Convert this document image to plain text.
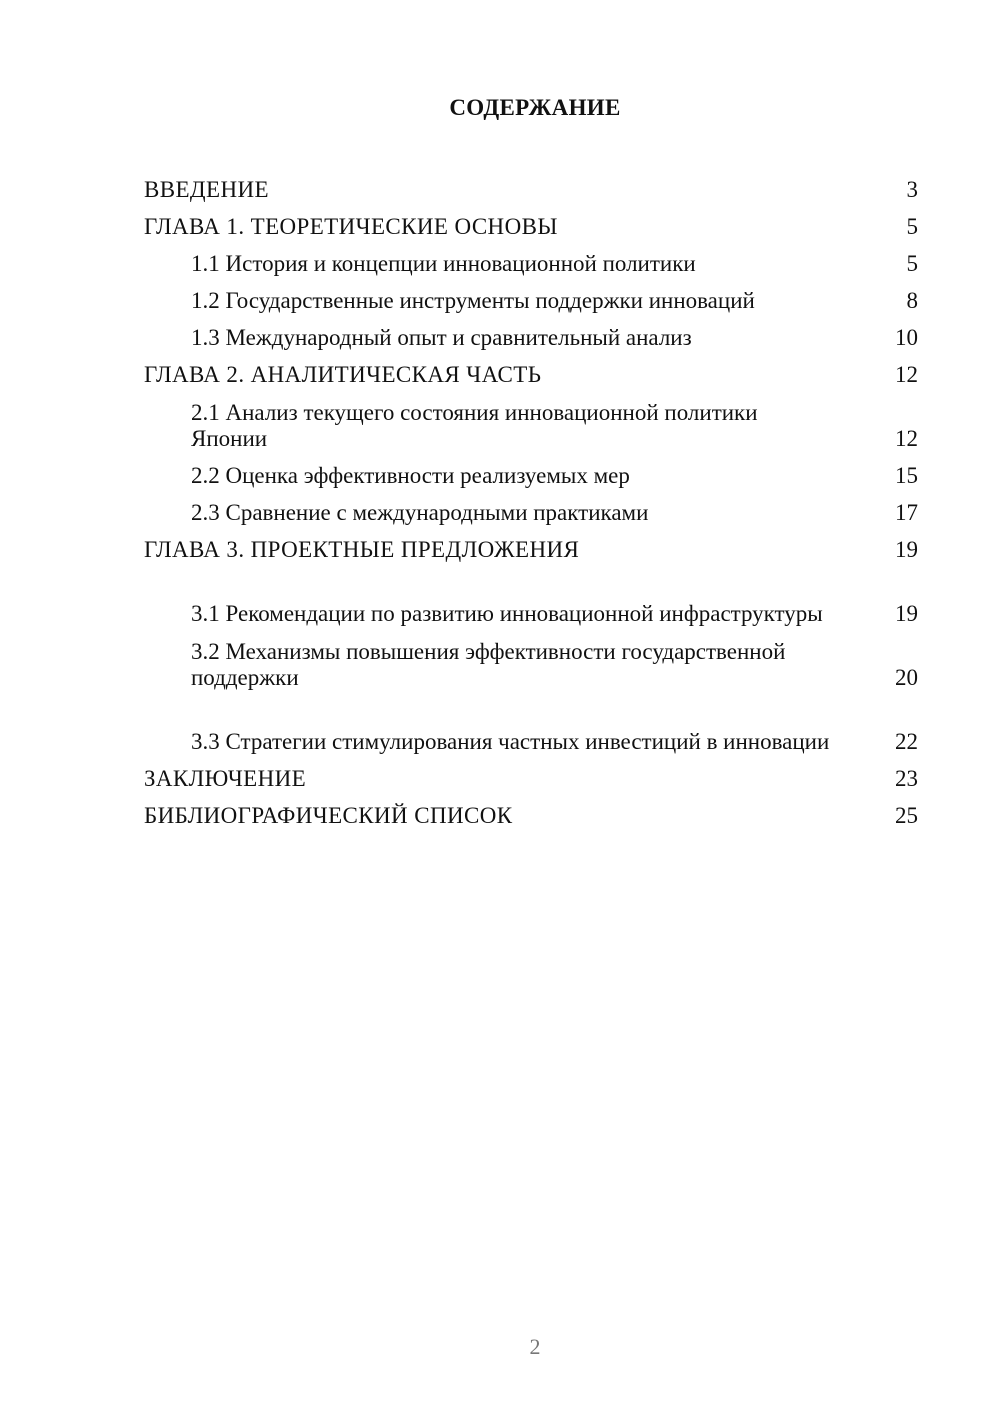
СОДЕРЖАНИЕ
ВВЕДЕНИЕ	3
ГЛАВА 1. ТЕОРЕТИЧЕСКИЕ ОСНОВЫ	5
1.1 История и концепции инновационной политики	5
1.2 Государственные инструменты поддержки инноваций	8
1.3 Международный опыт и сравнительный анализ	10
ГЛАВА 2. АНАЛИТИЧЕСКАЯ ЧАСТЬ	12
2.1 Анализ текущего состояния инновационной политики Японии	12
2.2 Оценка эффективности реализуемых мер	15
2.3 Сравнение с международными практиками	17
ГЛАВА 3. ПРОЕКТНЫЕ ПРЕДЛОЖЕНИЯ	19
3.1 Рекомендации по развитию инновационной инфраструктуры	19
3.2 Механизмы повышения эффективности государственной поддержки	20
3.3 Стратегии стимулирования частных инвестиций в инновации	22
ЗАКЛЮЧЕНИЕ	23
БИБЛИОГРАФИЧЕСКИЙ СПИСОК	25
2
